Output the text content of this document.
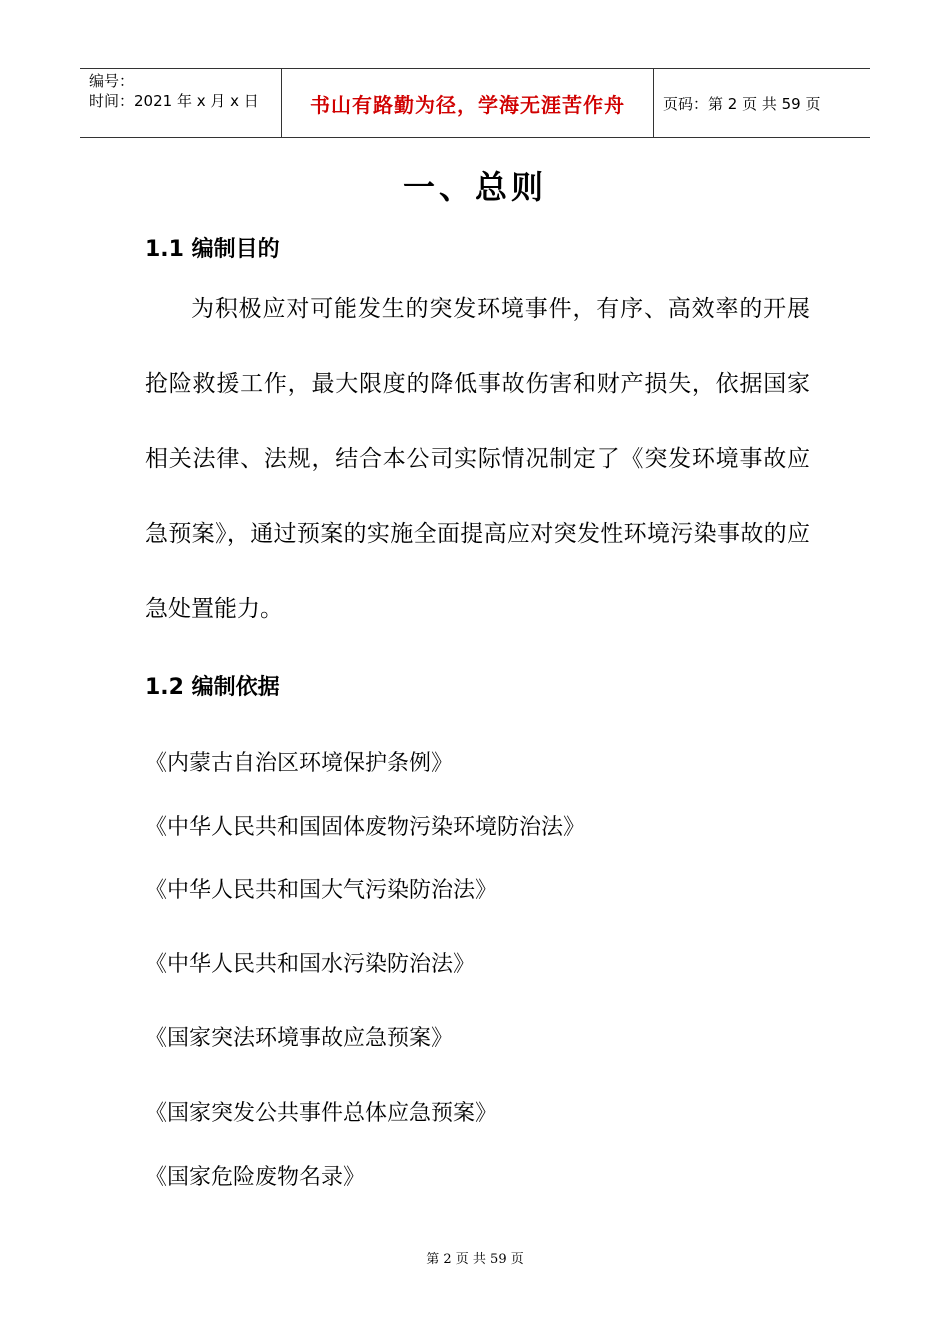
编号：
时间：2021 年 x 月 x 日	书山有路勤为径，学海无涯苦作舟	页码：第 2 页 共 59 页
一、总则
1.1 编制目的

为积极应对可能发生的突发环境事件，有序、高效率的开展抢险救援工作，最大限度的降低事故伤害和财产损失，依据国家相关法律、法规，结合本公司实际情况制定了《突发环境事故应急预案》，通过预案的实施全面提高应对突发性环境污染事故的应急处置能力。

1.2 编制依据
《内蒙古自治区环境保护条例》
《中华人民共和国固体废物污染环境防治法》
《中华人民共和国大气污染防治法》
《中华人民共和国水污染防治法》
《国家突法环境事故应急预案》
《国家突发公共事件总体应急预案》
《国家危险废物名录》
第 2 页 共 59 页
